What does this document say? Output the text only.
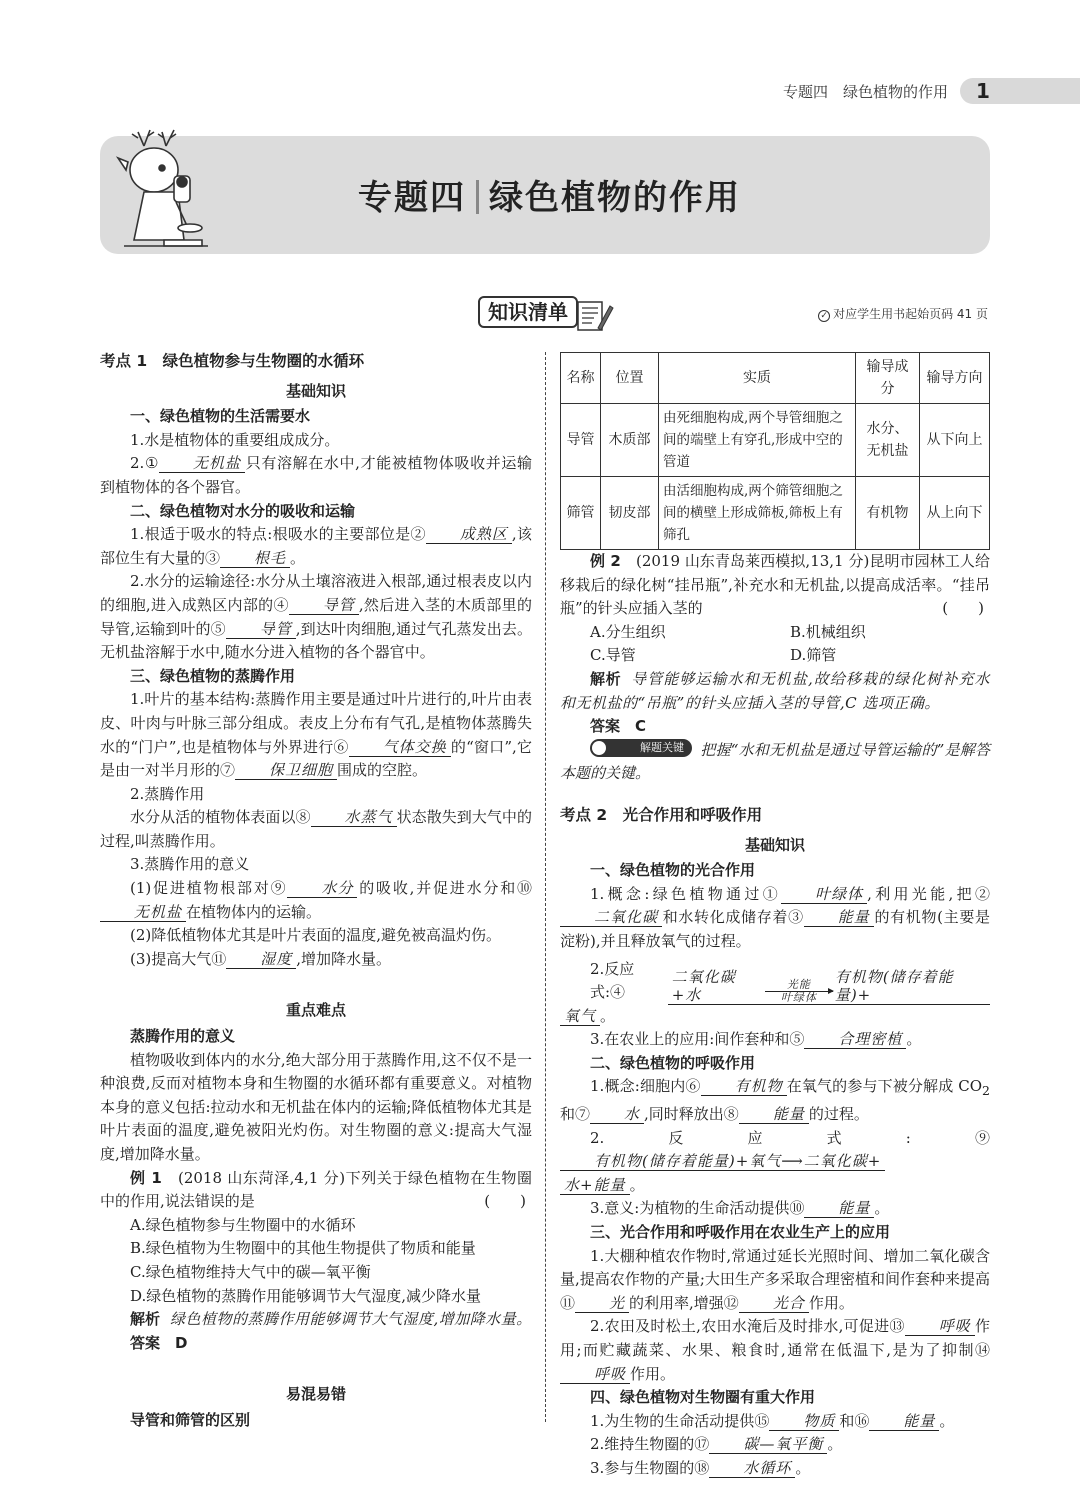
专题四　绿色植物的作用	1
专题四 绿色植物的作用
知识清单	✓ 对应学生用书起始页码 41 页
考点 1　绿色植物参与生物圈的水循环
基础知识
一、绿色植物的生活需要水

1.水是植物体的重要组成成分。

2.① 无机盐 只有溶解在水中,才能被植物体吸收并运输到植物体的各个器官。

二、绿色植物对水分的吸收和运输

1.根适于吸水的特点:根吸水的主要部位是② 成熟区 ,该部位生有大量的③ 根毛 。

2.水分的运输途径:水分从土壤溶液进入根部,通过根表皮以内的细胞,进入成熟区内部的④ 导管 ,然后进入茎的木质部里的导管,运输到叶的⑤ 导管 ,到达叶肉细胞,通过气孔蒸发出去。无机盐溶解于水中,随水分进入植物的各个器官中。

三、绿色植物的蒸腾作用

1.叶片的基本结构:蒸腾作用主要是通过叶片进行的,叶片由表皮、叶肉与叶脉三部分组成。表皮上分布有气孔,是植物体蒸腾失水的“门户”,也是植物体与外界进行⑥ 气体交换 的“窗口”,它是由一对半月形的⑦ 保卫细胞 围成的空腔。

2.蒸腾作用

水分从活的植物体表面以⑧ 水蒸气 状态散失到大气中的过程,叫蒸腾作用。

3.蒸腾作用的意义

(1)促进植物根部对⑨ 水分 的吸收,并促进水分和⑩无机盐 在植物体内的运输。

(2)降低植物体尤其是叶片表面的温度,避免被高温灼伤。

(3)提高大气⑪ 湿度 ,增加降水量。

重点难点
蒸腾作用的意义

植物吸收到体内的水分,绝大部分用于蒸腾作用,这不仅不是一种浪费,反而对植物本身和生物圈的水循环都有重要意义。对植物本身的意义包括:拉动水和无机盐在体内的运输;降低植物体尤其是叶片表面的温度,避免被阳光灼伤。对生物圈的意义:提高大气湿度,增加降水量。

例 1　 (2018 山东菏泽,4,1 分)下列关于绿色植物在生物圈中的作用,说法错误的是	(　　)

A.绿色植物参与生物圈中的水循环

B.绿色植物为生物圈中的其他生物提供了物质和能量

C.绿色植物维持大气中的碳—氧平衡

D.绿色植物的蒸腾作用能够调节大气湿度,减少降水量

解析 绿色植物的蒸腾作用能够调节大气湿度,增加降水量。

答案　 D

易混易错
导管和筛管的区别
名称	位置	实质	输导成分	输导方向
导管	木质部	由死细胞构成,两个导管细胞之间的端壁上有穿孔,形成中空的管道	水分、无机盐	从下向上
筛管	韧皮部	由活细胞构成,两个筛管细胞之间的横壁上形成筛板,筛板上有筛孔	有机物	从上向下

例 2　 (2019 山东青岛莱西模拟,13,1 分)昆明市园林工人给移栽后的绿化树“挂吊瓶”,补充水和无机盐,以提高成活率。“挂吊瓶”的针头应插入茎的	(　　)

A.分生组织	B.机械组织
C.导管	D.筛管

解析 导管能够运输水和无机盐,故给移栽的绿化树补充水和无机盐的“吊瓶”的针头应插入茎的导管,C 选项正确。

答案　 C

解题关键 把握“水和无机盐是通过导管运输的”是解答本题的关键。

考点 2　光合作用和呼吸作用
基础知识
一、绿色植物的光合作用

1.概念:绿色植物通过① 叶绿体 ,利用光能,把②二氧化碳 和水转化成储存着③ 能量 的有机物(主要是淀粉),并且释放氧气的过程。

2.反应式:④
二氧化碳+水
光能
叶绿体
有机物(储存着能量)+

氧气 。

3.在农业上的应用:间作套种和⑤ 合理密植 。

二、绿色植物的呼吸作用

1.概念:细胞内⑥ 有机物 在氧气的参与下被分解成 $CO_2$和⑦ 水 ,同时释放出⑧ 能量 的过程。

2.反应式:⑨有机物(储存着能量)+氧气⟶二氧化碳+

水+能量 。

3.意义:为植物的生命活动提供⑩ 能量 。

三、光合作用和呼吸作用在农业生产上的应用

1.大棚种植农作物时,常通过延长光照时间、增加二氧化碳含量,提高农作物的产量;大田生产多采取合理密植和间作套种来提高⑪ 光 的利用率,增强⑫ 光合 作用。

2.农田及时松土,农田水淹后及时排水,可促进⑬ 呼吸 作用;而贮藏蔬菜、水果、粮食时,通常在低温下,是为了抑制⑭呼吸 作用。

四、绿色植物对生物圈有重大作用

1.为生物的生命活动提供⑮ 物质 和⑯ 能量 。

2.维持生物圈的⑰ 碳—氧平衡 。

3.参与生物圈的⑱ 水循环 。
